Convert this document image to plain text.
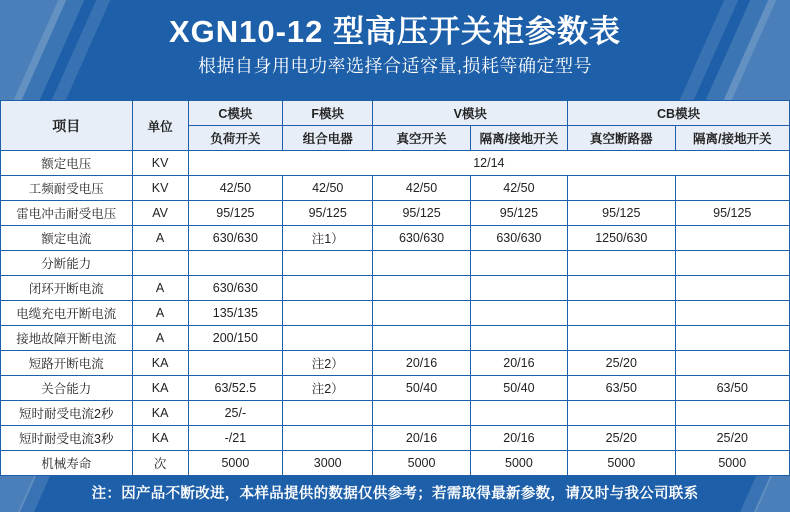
XGN10-12 型高压开关柜参数表
根据自身用电功率选择合适容量,损耗等确定型号
项目	单位	C模块	F模块	V模块		CB模块	
		负荷开关	组合电器	真空开关	隔离/接地开关	真空断路器	隔离/接地开关
额定电压	KV	12/14					
工频耐受电压	KV	42/50	42/50	42/50	42/50		
雷电冲击耐受电压	AV	95/125	95/125	95/125	95/125	95/125	95/125
额定电流	A	630/630	注1）	630/630	630/630	1250/630	
分断能力							
闭环开断电流	A	630/630					
电缆充电开断电流	A	135/135					
接地故障开断电流	A	200/150					
短路开断电流	KA		注2）	20/16	20/16	25/20	
关合能力	KA	63/52.5	注2）	50/40	50/40	63/50	63/50
短时耐受电流2秒	KA	25/-					
短时耐受电流3秒	KA	-/21		20/16	20/16	25/20	25/20
机械寿命	次	5000	3000	5000	5000	5000	5000
注：因产品不断改进，本样品提供的数据仅供参考；若需取得最新参数，请及时与我公司联系
